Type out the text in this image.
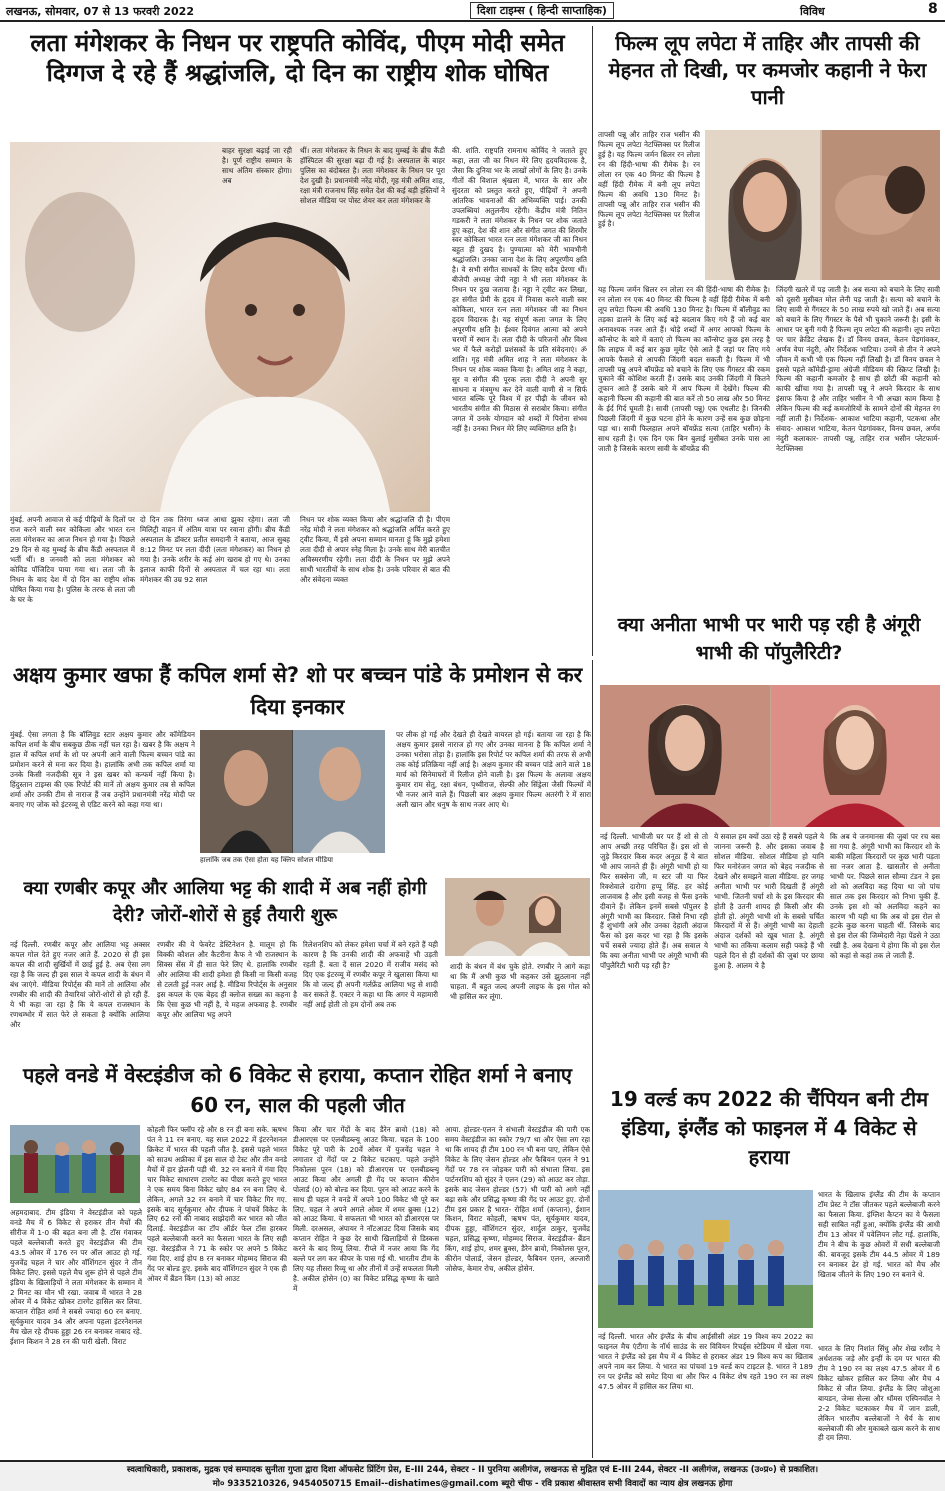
लखनऊ, सोमवार, 07 से 13 फरवरी 2022	दिशा टाइम्स ( हिन्दी साप्ताहिक)	विविध	8
लता मंगेशकर के निधन पर राष्ट्रपति कोविंद, पीएम मोदी समेत दिग्गज दे रहे हैं श्रद्धांजलि, दो दिन का राष्ट्रीय शोक घोषित
बाहर सुरक्षा बढ़ाई जा रही है। पूर्ण राष्ट्रीय सम्मान के साथ अंतिम संस्कार होगा। अब
थीं। लता मंगेशकर के निधन के बाद मुम्बई के ब्रीच कैंडी हॉस्पिटल की सुरक्षा बढ़ा दी गई है। अस्पताल के बाहर पुलिस का बंदोबस्त है। लता मंगेशकर के निधन पर पूरा देश दुखी है। प्रधानमंत्री नरेंद्र मोदी, गृह मंत्री अमित शाह, रक्षा मंत्री राजनाथ सिंह समेत देश की कई बड़ी हस्तियों ने सोशल मीडिया पर पोस्ट शेयर कर लता मंगेशकर के
की. शांति. राष्ट्रपति रामनाथ कोविंद ने जताते हुए कहा, लता जी का निधन मेरे लिए हृदयविदारक है, जैसा कि दुनिया भर के लाखों लोगों के लिए है। उनके गीतों की विशाल श्रृंखला में, भारत के सार और सुंदरता को प्रस्तुत करते हुए, पीढ़ियों ने अपनी आंतरिक भावनाओं की अभिव्यक्ति पाई। उनकी उपलब्धियां अतुलनीय रहेंगी। केंद्रीय मंत्री नितिन गडकरी ने लता मंगेशकर के निधन पर शोक जताते हुए कहा, देश की शान और संगीत जगत की शिरमौर स्वर कोकिला भारत रत्न लता मंगेशकर जी का निधन बहुत ही दुखद है। पुण्यात्मा को मेरी भावभीनी श्रद्धांजलि। उनका जाना देश के लिए अपूरणीय क्षति है। वे सभी संगीत साधकों के लिए सदैव प्रेरणा थीं। बीजेपी अध्यक्ष जेपी नड्डा ने भी लता मंगेशकर के निधन पर दुख जताया है। नड्डा ने ट्वीट कर लिखा, हर संगीत प्रेमी के हृदय में निवास करने वाली स्वर कोकिला, भारत रत्न लता मंगेशकर जी का निधन हृदय विदारक है। यह संपूर्ण कला जगत के लिए अपूरणीय क्षति है। ईश्वर दिवंगत आत्मा को अपने चरणों में स्थान दें। लता दीदी के परिजनों और विश्व भर में फैले करोड़ों प्रशंसकों के प्रति संवेदनाएं। ॐ शांति। गृह मंत्री अमित शाह ने लता मंगेशकर के निधन पर शोक व्यक्त किया है। अमित शाह ने कहा, सुर व संगीत की पूरक लता दीदी ने अपनी सुर साधना व मंत्रमुग्ध कर देने वाली वाणी से न सिर्फ भारत बल्कि पूरे विश्व में हर पीढ़ी के जीवन को भारतीय संगीत की मिठास से सराबोर किया। संगीत जगत में उनके योगदान को शब्दों में पिरोना संभव नहीं है। उनका निधन मेरे लिए व्यक्तिगत क्षति है।
मुंबई. अपनी आवाज से कई पीढ़ियों के दिलों पर राज करने वाली स्वर कोकिला और भारत रत्न लता मंगेशकर का आज निधन हो गया है। पिछले 29 दिन से वह मुम्बई के ब्रीच कैंडी अस्पताल में भर्ती थीं। 8 जनवरी को लता मंगेशकर को कोविड पॉजिटिव पाया गया था। लता जी के निधन के बाद देश में दो दिन का राष्ट्रीय शोक घोषित किया गया है। पुलिस के तरफ से लता जी के घर के
दो दिन तक तिरंगा ध्वज आधा झुका रहेगा। लता जी मिलिट्री वाहन में अंतिम यात्रा पर रवाना होंगी। ब्रीच कैंडी अस्पताल के डॉक्टर प्रतीत समदानी ने बताया, आज सुबह 8:12 मिनट पर लता दीदी (लता मंगेशकर) का निधन हो गया है। उनके शरीर के कई अंग खराब हो गए थे। उनका इलाज काफी दिनों से अस्पताल में चल रहा था। लता मंगेशकर की उम्र 92 साल
निधन पर शोक व्यक्त किया और श्रद्धांजलि दी है। पीएम नरेंद्र मोदी ने लता मंगेशकर को श्रद्धांजलि अर्पित करते हुए ट्वीट किया, मैं इसे अपना सम्मान मानता हूं कि मुझे हमेशा लता दीदी से अपार स्नेह मिला है। उनके साथ मेरी बातचीत अविस्मरणीय रहेगी। लता दीदी के निधन पर मुझे अपने साथी भारतीयों के साथ शोक है। उनके परिवार से बात की और संवेदना व्यक्त
फिल्म लूप लपेटा में ताहिर और तापसी की मेहनत तो दिखी, पर कमजोर कहानी ने फेरा पानी
तापसी पन्नू और ताहिर राज भसीन की फिल्म लूप लपेटा नेटफ्लिक्स पर रिलीज हुई है। यह फिल्म जर्मन थ्रिलर रन लोला रन की हिंदी-भाषा की रीमेक है। रन लोला रन एक 40 मिनट की फिल्म है वहीं हिंदी रीमेक में बनी लूप लपेटा फिल्म की अवधि 130 मिनट है। तापसी पन्नू और ताहिर राज भसीन की फिल्म लूप लपेटा नेटफ्लिक्स पर रिलीज हुई है।
यह फिल्म जर्मन थ्रिलर रन लोला रन की हिंदी-भाषा की रीमेक है। रन लोला रन एक 40 मिनट की फिल्म है वहीं हिंदी रीमेक में बनी लूप लपेटा फिल्म की अवधि 130 मिनट है। फिल्म में बॉलीवुड का तड़का डालने के लिए कई बड़े बदलाव किए गये हैं जो कई बार अनावश्यक नजर आते हैं। थोड़े शब्दों में अगर आपको फिल्म के कॉन्सेप्ट के बारे में बताएं तो फिल्म का कॉन्सेप्ट कुछ इस तरह है कि लाइफ में कई बार कुछ मूमेंट ऐसे आते हैं जहां पर लिए गये आपके फैसले से आपकी जिंदगी बदल सकती है। फिल्म में भी तापसी पन्नू अपने बॉयफ्रेंड को बचाने के लिए एक गैंगस्टर की रकम चुकाने की कोशिश करती हैं। उसके बाद उनकी जिंदगी में कितने तूफान आते हैं उसके बारे में आप फिल्म में देखेंगे। फिल्म की कहानी फिल्म की कहानी की बात करें तो 50 लाख और 50 मिनट के ईर्द गिर्द घूमती है। सावी (तापसी पन्नू) एक एथलीट है। जिनकी पिछली जिंदगी में कुछ घटना होने के कारण उन्हें सब कुछ छोड़ना पड़ा था। सावी फिलहाल अपने बॉयफ्रेंड सत्या (ताहिर भसीन) के साथ रहती है। एक दिन एक बिन बुलाई मुसीबत उनके पास आ जाती है जिसके कारण सावी के बॉयफ्रेंड की
जिंदगी खतरे में पड़ जाती है। अब सत्या को बचाने के लिए सावी को दूसरी मुसीबत मोल लेनी पड़ जाती है। सत्या को बचाने के लिए सावी से गैंगस्टर के 50 लाख रुपये खो जाते हैं। अब सत्या को बचाने के लिए गैंगस्टर के पैसे भी चुकाने जरूरी है। इसी के आधार पर बुनी गयी है फिल्म लूप लपेटा की कहानी। लूप लपेटा पर चार क्रेडिट लेखक हैं। डॉ विनय छवल, केतन पेडगांवकर, अर्णव वेपा नंदुरी, और निर्देशक भाटिया। उनमें से तीन ने अपने जीवन में कभी भी एक फिल्म नहीं लिखी है। डॉ विनय छवल ने इससे पहले कॉमेडी-ड्रामा अंग्रेजी मीडियम की स्क्रिप्ट लिखी है। फिल्म की कहानी कमजोर है साथ ही छोटी की कहानी को काफी खींचा गया है। तापसी पन्नू ने अपने किरदार के साथ इंसाफ किया है और ताहिर भसीन ने भी अच्छा काम किया है लेकिन फिल्म की कई कमजोरियों के सामने दोनों की मेहनत रंग नहीं लाती है। निर्देशक- आकाश भाटिया कहानी, पटकथा और संवाद- आकाश भाटिया, केतन पेडगांवकर, विनय छवल, अर्णव नंदुरी कलाकार- तापसी पन्नू, ताहिर राज भसीन प्लेटफार्म- नेटफ्लिक्स
अक्षय कुमार खफा हैं कपिल शर्मा से? शो पर बच्चन पांडे के प्रमोशन से कर दिया इनकार
मुंबई. ऐसा लगता है कि बॉलिवुड स्टार अक्षय कुमार और कॉमेडियन कपिल शर्मा के बीच सबकुछ ठीक नहीं चल रहा है। खबर है कि अक्षय ने हाल में कपिल शर्मा के शो पर अपनी आने वाली फिल्म बच्चन पांडे का प्रमोशन करने से मना कर दिया है। हालांकि अभी तक कपिल शर्मा या उनके किसी नजदीकी सूत्र ने इस खबर को कन्फर्म नहीं किया है। हिंदुस्तान टाइम्स की एक रिपोर्ट की मानें तो अक्षय कुमार तब से कपिल शर्मा और उनकी टीम से नाराज हैं जब उन्होंने प्रधानमंत्री नरेंद्र मोदी पर बनाए गए जोक को इंटरव्यू से एडिट करने को कहा गया था।
हालांकि जब तक ऐसा होता यह क्लिप सोशल मीडिया
पर लीक हो गई और देखते ही देखते वायरल हो गई। बताया जा रहा है कि अक्षय कुमार इससे नाराज हो गए और उनका मानना है कि कपिल शर्मा ने उनका भरोसा तोड़ा है। हालांकि इस रिपोर्ट पर कपिल शर्मा की तरफ से अभी तक कोई प्रतिक्रिया नहीं आई है। अक्षय कुमार की बच्चन पांडे आने वाले 18 मार्च को सिनेमाघरों में रिलीज होने वाली है। इस फिल्म के अलावा अक्षय कुमार राम सेतु, रक्षा बंधन, पृथ्वीराज, सेल्फी और सिंड्रेला जैसी फिल्मों में भी नजर आने वाले हैं। पिछली बार अक्षय कुमार फिल्म अतरंगी रे में सारा अली खान और धनुष के साथ नजर आए थे।
क्या अनीता भाभी पर भारी पड़ रही है अंगूरी भाभी की पॉपुलैरिटी?
नई दिल्ली. भाभीजी घर पर हैं शो से तो आप अच्छी तरह परिचित हैं। इस शो से जुड़े किरदार किस कदर अनूठा हैं ये बात भी आप जानते ही हैं। अंगूरी भाभी हो या फिर सक्सेना जी, म स्टर जी या फिर रिक्शेवाले दारोगा हप्पू सिंह. हर कोई लाजवाब है और इसी वजह से फैंस इनके दीवाने हैं। लेकिन इनमें सबसे पॉपुलर है अंगूरी भाभी का किरदार. जिसे निभा रही हैं शुभांगी अत्रे और उनका देहाती अंदाज फैंस को इस कदर भा रहा है कि इसके चर्चे सबसे ज्यादा होते हैं। अब सवाल ये कि क्या अनीता भाभी पर अंगूरी भाभी की पॉपुलैरिटी भारी पड़ रही है?
ये सवाल हम क्यों उठा रहे हैं सबसे पहले ये जानना जरूरी है. और इसका जवाब है सोशल मीडिया. सोशल मीडिया हो यानि फिर मनोरंजन जगत को बेहद नजदीक से देखने और समझने वाला मीडिया. हर जगह अनीता भाभी पर भारी दिखती हैं अंगूरी भाभी. जितनी चर्चा शो के इस किरदार की होती है उतनी शायद ही किसी और की होती हो. अंगूरी भाभी शो के सबसे चर्चित किरदारों में से हैं। अंगूरी भाभी का देहाती अंदाज दर्शकों को खूब भाता है. अंगूरी भाभी का तकिया कलाम सही पकड़े हैं भी पहले दिन से ही दर्शकों की जुबां पर छाया हुआ है. आलम ये है
कि अब ये जनमानस की जुबां पर रच बस सा गया है. अंगूरी भाभी का किरदार शो के बाकी महिला किरदारों पर कुछ भारी पड़ता सा नजर आता है. खासतौर से अनीता भाभी पर. पिछले साल सौम्या टंडन ने इस शो को अलविदा कह दिया था जो पांच साल तक इस किरदार को निभा चुकी हैं. उनके इस शो को अलविदा कहने का कारण भी यही था कि अब वो इस रोल से हटके कुछ करना चाहती थीं. जिसके बाद से इस रोल की जिम्मेदारी नेहा पेंडसे ने उठा रखी है. अब देखना ये होगा कि वो इस रोल को कहां से कहां तक ले जाती हैं.
क्या रणबीर कपूर और आलिया भट्ट की शादी में अब नहीं होगी देरी? जोरों-शोरों से हुई तैयारी शुरू
नई दिल्ली. रणबीर कपूर और आलिया भट्ट अक्सर कपल गोल देते हुए नजर आते हैं. 2020 से ही इस कपल की शादी सुर्खियों में छाई हुई है. अब ऐसा लग रहा है कि जल्द ही इस साल ये कपल शादी के बंधन में बंध जाएंगे. मीडिया रिपोर्ट्स की मानें तो आलिया और रणबीर की शादी की तैयारियां जोरों-शोरों से हो रही हैं. ये भी कहा जा रहा है कि ये कपल राजस्थान के रणथम्भोर में सात फेरे ले सकता है क्योंकि आलिया और
रणबीर की ये फेवरेट डेस्टिनेशन है. मालूम हो कि विक्की कौशल और कैटरीना कैफ ने भी राजस्थान के सिक्स सेंस में ही सात फेरे लिए थे. हालांकि रणबीर और आलिया की शादी हमेशा ही किसी ना किसी वजह से टलती हुई नजर आई है. मीडिया रिपोर्ट्स के अनुसार इस कपल के एक बेहद ही क्लोज सख्स का कहना है कि ऐसा कुछ भी नहीं है, ये महज अफवाह है. रणबीर कपूर और आलिया भट्ट अपने
रिलेशनशिप को लेकर हमेशा चर्चा में बने रहते हैं यही कारण है कि उनकी शादी की अफवाहें भी उड़ती रहती हैं. बता दें साल 2020 में राजीव मसंद को दिए एक इंटरव्यू में रणबीर कपूर ने खुलासा किया था कि वो जल्द ही अपनी गर्लफ्रेंड आलिया भट्ट से शादी कर सकते हैं. एक्टर ने कहा था कि अगर ये महामारी नहीं आई होती तो हम दोनों अब तक
शादी के बंधन में बंध चुके होते. रणबीर ने आगे कहा था कि मैं अभी कुछ भी कहकर उसे झुठलाना नहीं चाहता. मैं बहुत जल्द अपनी लाइफ के इस गोल को भी हासिल कर लूंगा.
पहले वनडे में वेस्टइंडीज को 6 विकेट से हराया, कप्तान रोहित शर्मा ने बनाए 60 रन, साल की पहली जीत
अहमदाबाद. टीम इंडिया ने वेस्टइंडीज को पहले वनडे मैच में 6 विकेट से हराकर तीन मैचों की सीरीज में 1-0 की बढ़त बना ली है. टॉस गंवाकर पहले बल्लेबाजी करते हुए वेस्टइंडीज की टीम 43.5 ओवर में 176 रन पर ऑल आउट हो गई. युजवेंद्र चहल ने चार और वॉशिंगटन सुंदर ने तीन विकेट लिए. इससे पहले मैच शुरू होने से पहले टीम इंडिया के खिलाड़ियों ने लता मंगेशकर के सम्मान में 2 मिनट का मौन भी रखा. जवाब में भारत ने 28 ओवर में 4 विकेट खोकर टारगेट हासिल कर लिया. कप्तान रोहित शर्मा ने सबसे ज्यादा 60 रन बनाए. सूर्यकुमार यादव 34 और अपना पहला इंटरनेशनल मैच खेल रहे दीपक हुड्डा 26 रन बनाकर नाबाद रहे. ईशान किशन ने 28 रन की पारी खेली. विराट
कोहली फिर फ्लॉप रहे और 8 रन ही बना सके. ऋषभ पंत ने 11 रन बनाए. यह साल 2022 में इंटरनेशनल क्रिकेट में भारत की पहली जीत है. इससे पहले भारत को साउथ अफ्रीका में इस साल दो टेस्ट और तीन वनडे मैचों में हार झेलनी पड़ी थी. 32 रन बनाने में गंवा दिए चार विकेट साधारण टारगेट का पीछा करते हुए भारत ने एक समय बिना विकेट खोए 84 रन बना लिए थे. लेकिन, अगले 32 रन बनाने में चार विकेट गिर गए. इसके बाद सूर्यकुमार और दीपक ने पांचवें विकेट के लिए 62 रनों की नाबाद साझेदारी कर भारत को जीत दिलाई. वेस्टइंडीज का टॉप ऑर्डर फेल टॉस हारकर पहले बल्लेबाजी करने का फैसला भारत के लिए सही रहा. वेस्टइंडीज ने 71 के स्कोर पर अपने 5 विकेट गंवा दिए. शाई होप 8 रन बनाकर मोहम्मद सिराज की गेंद पर बोल्ड हुए. इसके बाद वॉशिंगटन सुंदर ने एक ही ओवर में ब्रैंडन किंग (13) को आउट
किया और चार गेंदों के बाद डैरेन ब्रावो (18) को डीआरएस पर एलबीडब्ल्यू आउट किया. चहल के 100 विकेट पूरे पारी के 20वें ओवर में युजवेंद्र चहल ने लगातार दो गेंदों पर 2 विकेट चटकाए. पहले उन्होंने निकोलस पूरन (18) को डीआरएस पर एलबीडब्ल्यू आउट किया और अगली ही गेंद पर कप्तान कीरोन पोलार्ड (0) को बोल्ड कर दिया. पूरन को आउट करने के साथ ही चहल ने वनडे में अपने 100 विकेट भी पूरे कर लिए. चहल ने अपने अगले ओवर में शमर ब्रुक्स (12) को आउट किया. ये सफलता भी भारत को डीआरएस पर मिली. दरअसल, अंपायर ने नॉटआउट दिया जिसके बाद कप्तान रोहित ने कुछ देर साथी खिलाड़ियों से डिस्कस करने के बाद रिव्यू लिया. रीप्ले में नजर आया कि गेंद बल्ले पर लग कर कीपर के पास गई थी. भारतीय टीम के लिए यह तीसरा रिव्यू था और तीनों में उन्हें सफलता मिली है. अकील होसेन (0) का विकेट प्रसिद्ध कृष्णा के खाते में
आया. होल्डर-एलन ने संभाली वेस्टइंडीज की पारी एक समय वेस्टइंडीज का स्कोर 79/7 था और ऐसा लग रहा था कि शायद ही टीम 100 रन भी बना पाए, लेकिन ऐसे विकेट के लिए जेसन होल्डर और फैबियन एलन ने 91 गेंदों पर 78 रन जोड़कर पारी को संभाला लिया. इस पार्टनरशिप को सुंदर ने एलन (29) को आउट कर तोड़ा. इसके बाद जेसन होल्डर (57) भी पारी को आगे नहीं बढ़ा सके और प्रसिद्ध कृष्णा की गेंद पर आउट हुए. दोनों टीम इस प्रकार है भारत- रोहित शर्मा (कप्तान), ईशान किशन, विराट कोहली, ऋषभ पंत, सूर्यकुमार यादव, दीपक हुड्डा, वॉशिंगटन सुंदर, शार्दुल ठाकुर, युजवेंद्र चहल, प्रसिद्ध कृष्णा, मोहम्मद सिराज. वेस्टइंडीज- ब्रैंडन किंग, शाई होप, शमर ब्रुक्स, डैरेन ब्रावो, निकोलस पूरन, कीरोन पोलार्ड, जेसन होल्डर, फैबियन एलन, अल्जारी जोसेफ, केमार रोच, अकील होसेन.
19 वर्ल्ड कप 2022 की चैंपियन बनी टीम इंडिया, इंग्लैंड को फाइनल में 4 विकेट से हराया
भारत के खिलाफ इंग्लैंड की टीम के कप्तान टॉम प्रेस्ट ने टॉस जीतकर पहले बल्लेबाजी करने का फैसला किया. इंग्लिश कैप्टन का ये फैसला सही साबित नहीं हुआ, क्योंकि इंग्लैंड की आधी टीम 13 ओवर में पवेलियन लौट गई. हालांकि, टीम ने बीच के कुछ ओवरों में सधी बल्लेबाजी की. बावजूद इसके टीम 44.5 ओवर में 189 रन बनाकर ढेर हो गई. भारत को मैच और खिताब जीतने के लिए 190 रन बनाने थे.
नई दिल्ली. भारत और इंग्लैंड के बीच आईसीसी अंडर 19 विश्व कप 2022 का फाइनल मैच एंटीगा के नॉर्थ साउंड के सर विवियन रिचर्ड्स स्टेडियम में खेला गया. भारत ने इंग्लैंड को इस मैच में 4 विकेट से हराकर अंडर 19 विश्व कप का खिताब अपने नाम कर लिया. ये भारत का पांचवां 19 वर्ल्ड कप टाइटल है. भारत ने 189 रन पर इंग्लैंड को समेट दिया था और फिर 4 विकेट शेष रहते 190 रन का लक्ष्य 47.5 ओवर में हासिल कर लिया था.
भारत के लिए निशांत सिंधु और शेख रशीद ने अर्धशतक जड़े और इन्हीं के दम पर भारत की टीम ने 190 रन का लक्ष्य 47.5 ओवर में 6 विकेट खोकर हासिल कर लिया और मैच 4 विकेट से जीत लिया. इंग्लैंड के लिए जोशुआ बायडन, जेम्स सेल्स और थॉमस एस्पिनवॉल ने 2-2 विकेट चटकाकर मैच में जान डाली, लेकिन भारतीय बल्लेबाजों ने धैर्य के साथ बल्लेबाजी की और मुकाबले खत्म करने के साथ ही दम लिया.
स्वत्वाधिकारी, प्रकाशक, मुद्रक एवं सम्पादक सुनीता गुप्ता द्वारा दिशा ऑफसेट प्रिंटिंग प्रेस, E-III 244, सेक्टर - II पुरनिया अलीगंज, लखनऊ से मुद्रित एवं E-III 244, सेक्टर -II अलीगंज, लखनऊ (उ०प्र०) से प्रकाशित।
मो० 9335210326, 9454050715 Email--dishatimes@gmail.com ब्यूरो चीफ - रवि प्रकाश श्रीवास्तव सभी विवादों का न्याय क्षेत्र लखनऊ होगा
